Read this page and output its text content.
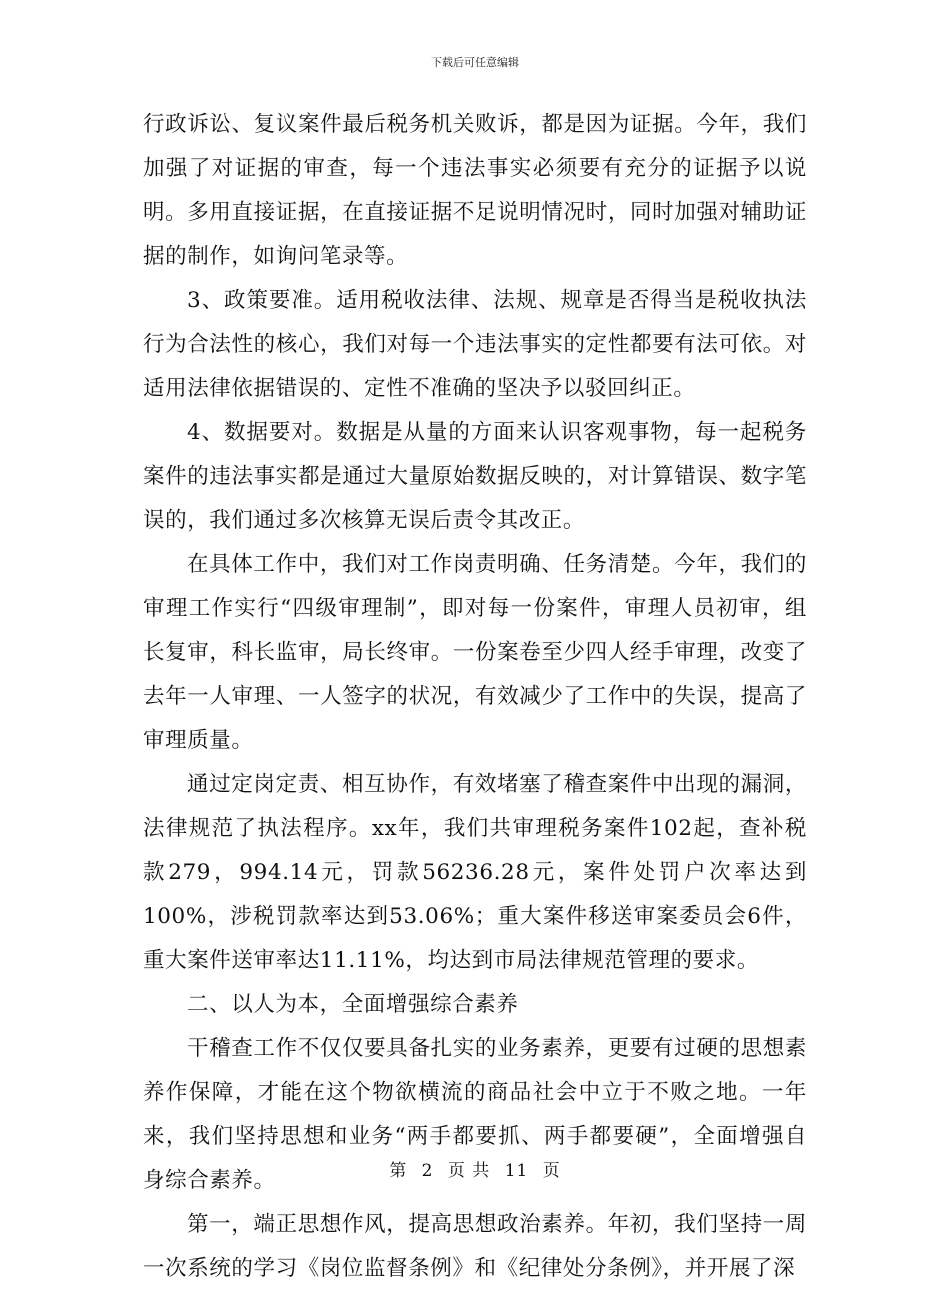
下载后可任意编辑

行政诉讼、复议案件最后税务机关败诉，都是因为证据。今年，我们加强了对证据的审查，每一个违法事实必须要有充分的证据予以说明。多用直接证据，在直接证据不足说明情况时，同时加强对辅助证据的制作，如询问笔录等。

3、政策要准。适用税收法律、法规、规章是否得当是税收执法行为合法性的核心，我们对每一个违法事实的定性都要有法可依。对适用法律依据错误的、定性不准确的坚决予以驳回纠正。

4、数据要对。数据是从量的方面来认识客观事物，每一起税务案件的违法事实都是通过大量原始数据反映的，对计算错误、数字笔误的，我们通过多次核算无误后责令其改正。

在具体工作中，我们对工作岗责明确、任务清楚。今年，我们的审理工作实行“四级审理制”，即对每一份案件，审理人员初审，组长复审，科长监审，局长终审。一份案卷至少四人经手审理，改变了去年一人审理、一人签字的状况，有效减少了工作中的失误，提高了审理质量。

通过定岗定责、相互协作，有效堵塞了稽查案件中出现的漏洞，法律规范了执法程序。xx年，我们共审理税务案件102起，查补税款279，994.14元，罚款56236.28元，案件处罚户次率达到100%，涉税罚款率达到53.06%；重大案件移送审案委员会6件，重大案件送审率达11.11%，均达到市局法律规范管理的要求。

二、以人为本，全面增强综合素养

干稽查工作不仅仅要具备扎实的业务素养，更要有过硬的思想素养作保障，才能在这个物欲横流的商品社会中立于不败之地。一年来，我们坚持思想和业务“两手都要抓、两手都要硬”，全面增强自身综合素养。

第一，端正思想作风，提高思想政治素养。年初，我们坚持一周一次系统的学习《岗位监督条例》和《纪律处分条例》，并开展了深

第 2 页 共 11 页
